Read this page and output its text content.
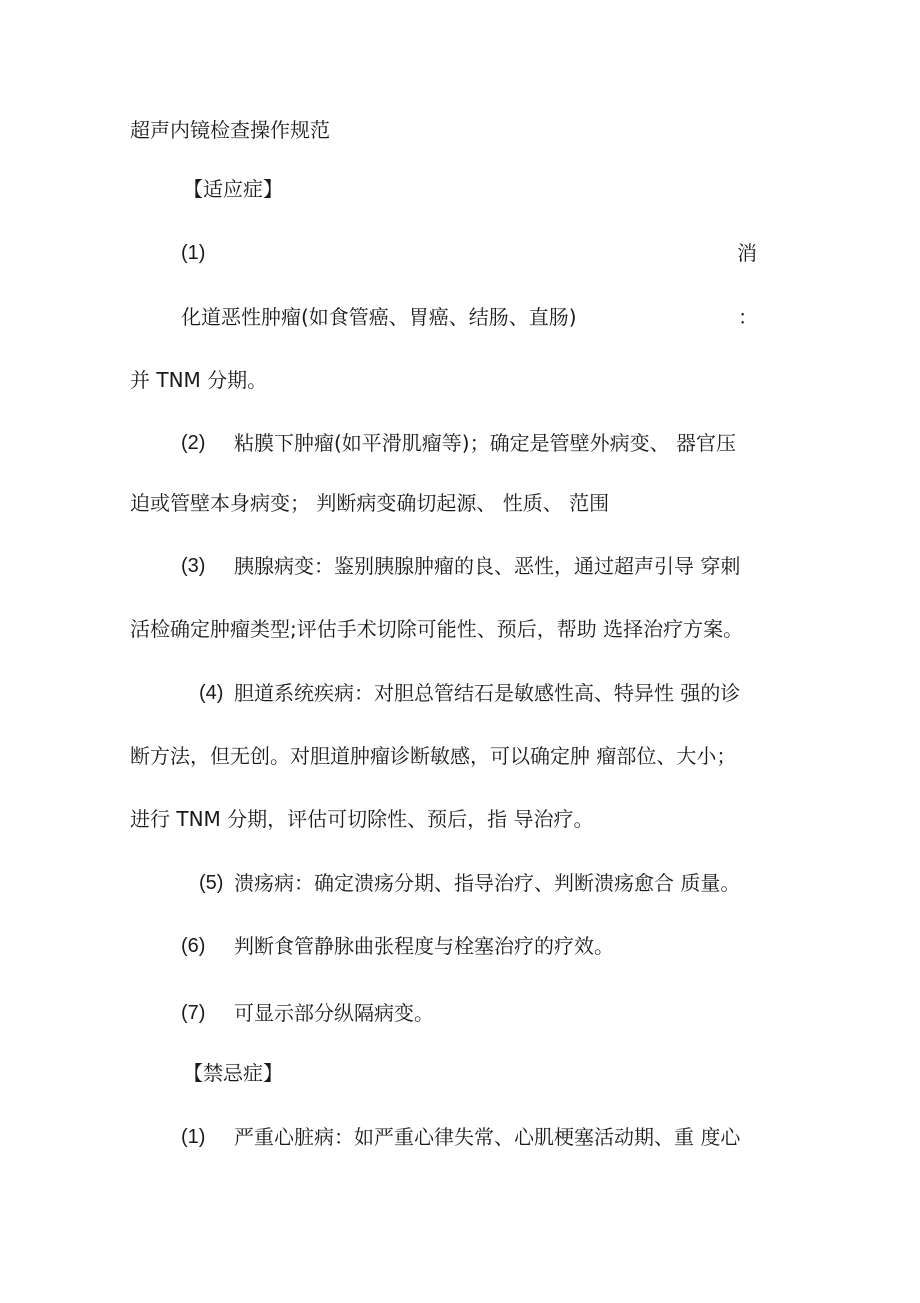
超声内镜检查操作规范
【适应症】
(1)	消
化道恶性肿瘤(如食管癌、胃癌、结肠、直肠)	：
并 TNM 分期。
(2) 粘膜下肿瘤(如平滑肌瘤等)；确定是管壁外病变、 器官压
迫或管壁本身病变； 判断病变确切起源、 性质、 范围
(3) 胰腺病变：鉴别胰腺肿瘤的良、恶性，通过超声引导 穿刺
活检确定肿瘤类型;评估手术切除可能性、预后，帮助 选择治疗方案。
(4) 胆道系统疾病：对胆总管结石是敏感性高、特异性 强的诊
断方法，但无创。对胆道肿瘤诊断敏感，可以确定肿 瘤部位、大小；
进行 TNM 分期，评估可切除性、预后，指 导治疗。
(5) 溃疡病：确定溃疡分期、指导治疗、判断溃疡愈合 质量。
(6) 判断食管静脉曲张程度与栓塞治疗的疗效。
(7) 可显示部分纵隔病变。
【禁忌症】
(1) 严重心脏病：如严重心律失常、心肌梗塞活动期、重 度心
